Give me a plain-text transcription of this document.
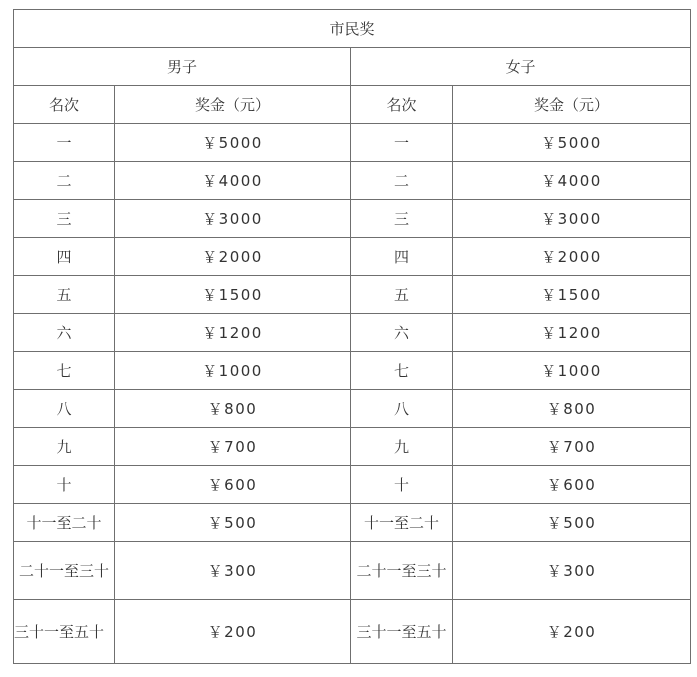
市民奖			
男子		女子	
名次	奖金（元）	名次	奖金（元）
一	￥5000	一	￥5000
二	￥4000	二	￥4000
三	￥3000	三	￥3000
四	￥2000	四	￥2000
五	￥1500	五	￥1500
六	￥1200	六	￥1200
七	￥1000	七	￥1000
八	￥800	八	￥800
九	￥700	九	￥700
十	￥600	十	￥600
十一至二十	￥500	十一至二十	￥500
二十一至三十	￥300	二十一至三十	￥300
三十一至五十	￥200	三十一至五十	￥200
